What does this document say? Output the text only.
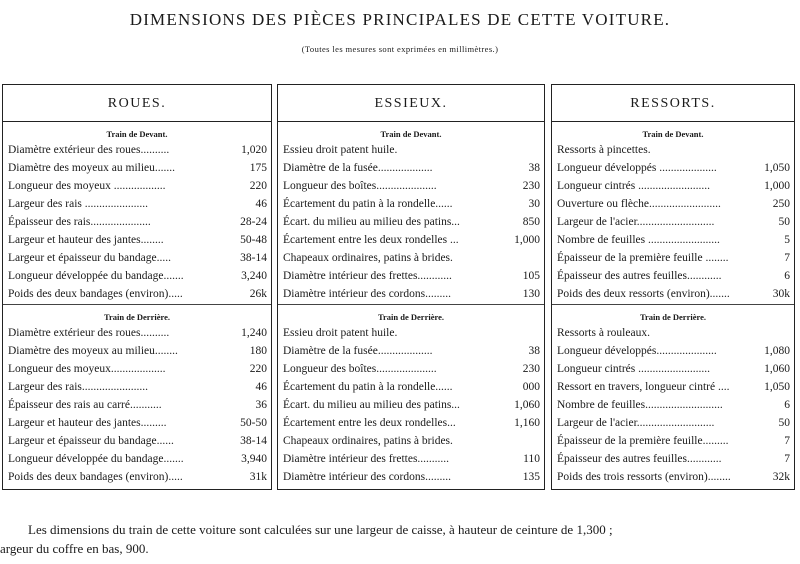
DIMENSIONS DES PIÈCES PRINCIPALES DE CETTE VOITURE.
(Toutes les mesures sont exprimées en millimètres.)
ROUES.
Train de Devant.
Diamètre extérieur des roues..........	1,020
Diamètre des moyeux au milieu.......	175
Longueur des moyeux ..................	220
Largeur des rais ......................	46
Épaisseur des rais.....................	28-24
Largeur et hauteur des jantes........	50-48
Largeur et épaisseur du bandage.....	38-14
Longueur développée du bandage.......	3,240
Poids des deux bandages (environ).....	26k
Train de Derrière.
Diamètre extérieur des roues..........	1,240
Diamètre des moyeux au milieu........	180
Longueur des moyeux...................	220
Largeur des rais.......................	46
Épaisseur des rais au carré...........	36
Largeur et hauteur des jantes.........	50-50
Largeur et épaisseur du bandage......	38-14
Longueur développée du bandage.......	3,940
Poids des deux bandages (environ).....	31k
ESSIEUX.
Train de Devant.
Essieu droit patent huile.
Diamètre de la fusée...................	38
Longueur des boîtes.....................	230
Écartement du patin à la rondelle......	30
Écart. du milieu au milieu des patins...	850
Écartement entre les deux rondelles ...	1,000
Chapeaux ordinaires, patins à brides.
Diamètre intérieur des frettes............	105
Diamètre intérieur des cordons.........	130
Train de Derrière.
Essieu droit patent huile.
Diamètre de la fusée...................	38
Longueur des boîtes.....................	230
Écartement du patin à la rondelle......	000
Écart. du milieu au milieu des patins...	1,060
Écartement entre les deux rondelles...	1,160
Chapeaux ordinaires, patins à brides.
Diamètre intérieur des frettes...........	110
Diamètre intérieur des cordons.........	135
RESSORTS.
Train de Devant.
Ressorts à pincettes.
Longueur développés ....................	1,050
Longueur cintrés .........................	1,000
Ouverture ou flèche.........................	250
Largeur de l'acier...........................	50
Nombre de feuilles .........................	5
Épaisseur de la première feuille ........	7
Épaisseur des autres feuilles............	6
Poids des deux ressorts (environ).......	30k
Train de Derrière.
Ressorts à rouleaux.
Longueur développés.....................	1,080
Longueur cintrés .........................	1,060
Ressort en travers, longueur cintré ....	1,050
Nombre de feuilles...........................	6
Largeur de l'acier...........................	50
Épaisseur de la première feuille.........	7
Épaisseur des autres feuilles............	7
Poids des trois ressorts (environ)........	32k
Les dimensions du train de cette voiture sont calculées sur une largeur de caisse, à hauteur de ceinture de 1,300 ;
argeur du coffre en bas, 900.
